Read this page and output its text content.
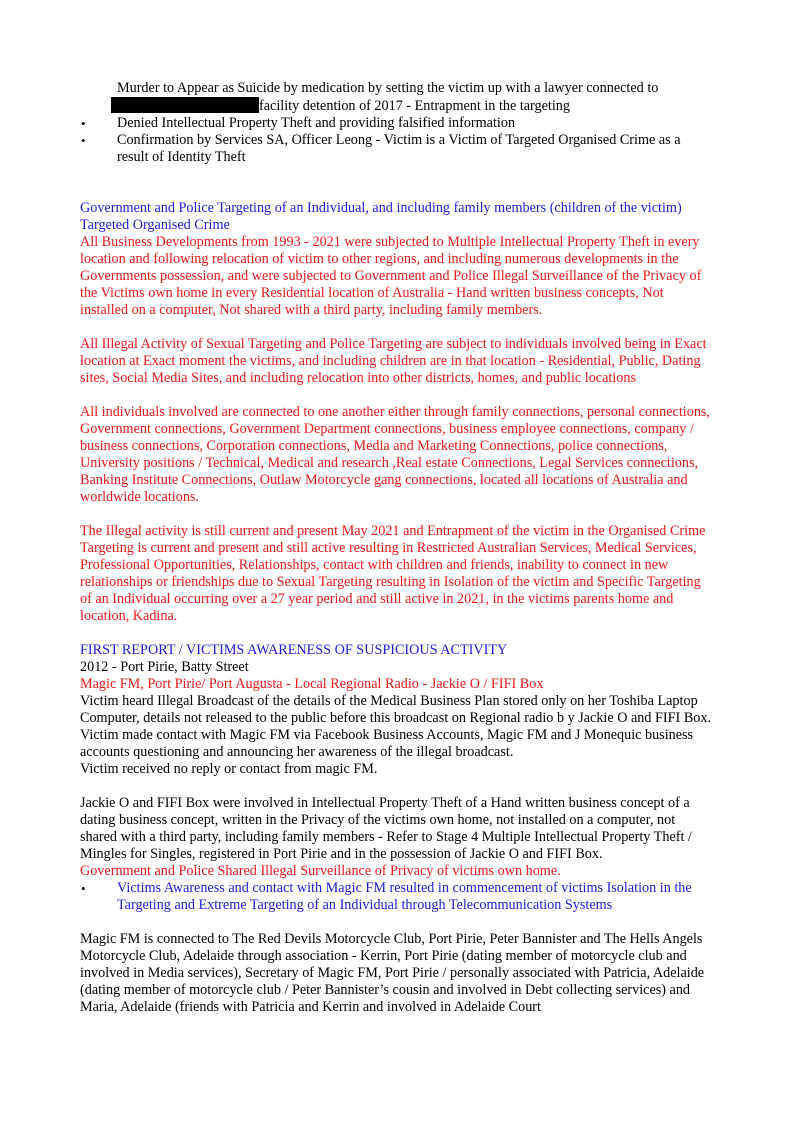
Murder to Appear as Suicide by medication by setting the victim up with a lawyer connected to

facility detention of 2017 - Entrapment in the targeting

• Denied Intellectual Property Theft and providing falsified information
• Confirmation by Services SA, Officer Leong - Victim is a Victim of Targeted Organised Crime as a result of Identity Theft

Government and Police Targeting of an Individual, and including family members (children of the victim)

Targeted Organised Crime

All Business Developments from 1993 - 2021 were subjected to Multiple Intellectual Property Theft in every location and following relocation of victim to other regions, and including numerous developments in the Governments possession, and were subjected to Government and Police Illegal Surveillance of the Privacy of the Victims own home in every Residential location of Australia - Hand written business concepts, Not installed on a computer, Not shared with a third party, including family members.

All Illegal Activity of Sexual Targeting and Police Targeting are subject to individuals involved being in Exact location at Exact moment the victims, and including children are in that location - Residential, Public, Dating sites, Social Media Sites, and including relocation into other districts, homes, and public locations

All individuals involved are connected to one another either through family connections, personal connections, Government connections, Government Department connections, business employee connections, company / business connections, Corporation connections, Media and Marketing Connections, police connections, University positions / Technical, Medical and research ,Real estate Connections, Legal Services connections, Banking Institute Connections, Outlaw Motorcycle gang connections, located all locations of Australia and worldwide locations.

The Illegal activity is still current and present May 2021 and Entrapment of the victim in the Organised Crime Targeting is current and present and still active resulting in Restricted Australian Services, Medical Services, Professional Opportunities, Relationships, contact with children and friends, inability to connect in new relationships or friendships due to Sexual Targeting resulting in Isolation of the victim and Specific Targeting of an Individual occurring over a 27 year period and still active in 2021, in the victims parents home and location, Kadina.

FIRST REPORT / VICTIMS AWARENESS OF SUSPICIOUS ACTIVITY

2012 - Port Pirie, Batty Street

Magic FM, Port Pirie/ Port Augusta - Local Regional Radio - Jackie O / FIFI Box

Victim heard Illegal Broadcast of the details of the Medical Business Plan stored only on her Toshiba Laptop Computer, details not released to the public before this broadcast on Regional radio b y Jackie O and FIFI Box.

Victim made contact with Magic FM via Facebook Business Accounts, Magic FM and J Monequic business accounts questioning and announcing her awareness of the illegal broadcast.

Victim received no reply or contact from magic FM.

Jackie O and FIFI Box were involved in Intellectual Property Theft of a Hand written business concept of a dating business concept, written in the Privacy of the victims own home, not installed on a computer, not shared with a third party, including family members - Refer to Stage 4 Multiple Intellectual Property Theft / Mingles for Singles, registered in Port Pirie and in the possession of Jackie O and FIFI Box.

Government and Police Shared Illegal Surveillance of Privacy of victims own home.

• Victims Awareness and contact with Magic FM resulted in commencement of victims Isolation in the Targeting and Extreme Targeting of an Individual through Telecommunication Systems

Magic FM is connected to The Red Devils Motorcycle Club, Port Pirie, Peter Bannister and The Hells Angels Motorcycle Club, Adelaide through association - Kerrin, Port Pirie (dating member of motorcycle club and involved in Media services), Secretary of Magic FM, Port Pirie / personally associated with Patricia, Adelaide (dating member of motorcycle club / Peter Bannister’s cousin and involved in Debt collecting services) and Maria, Adelaide (friends with Patricia and Kerrin and involved in Adelaide Court
